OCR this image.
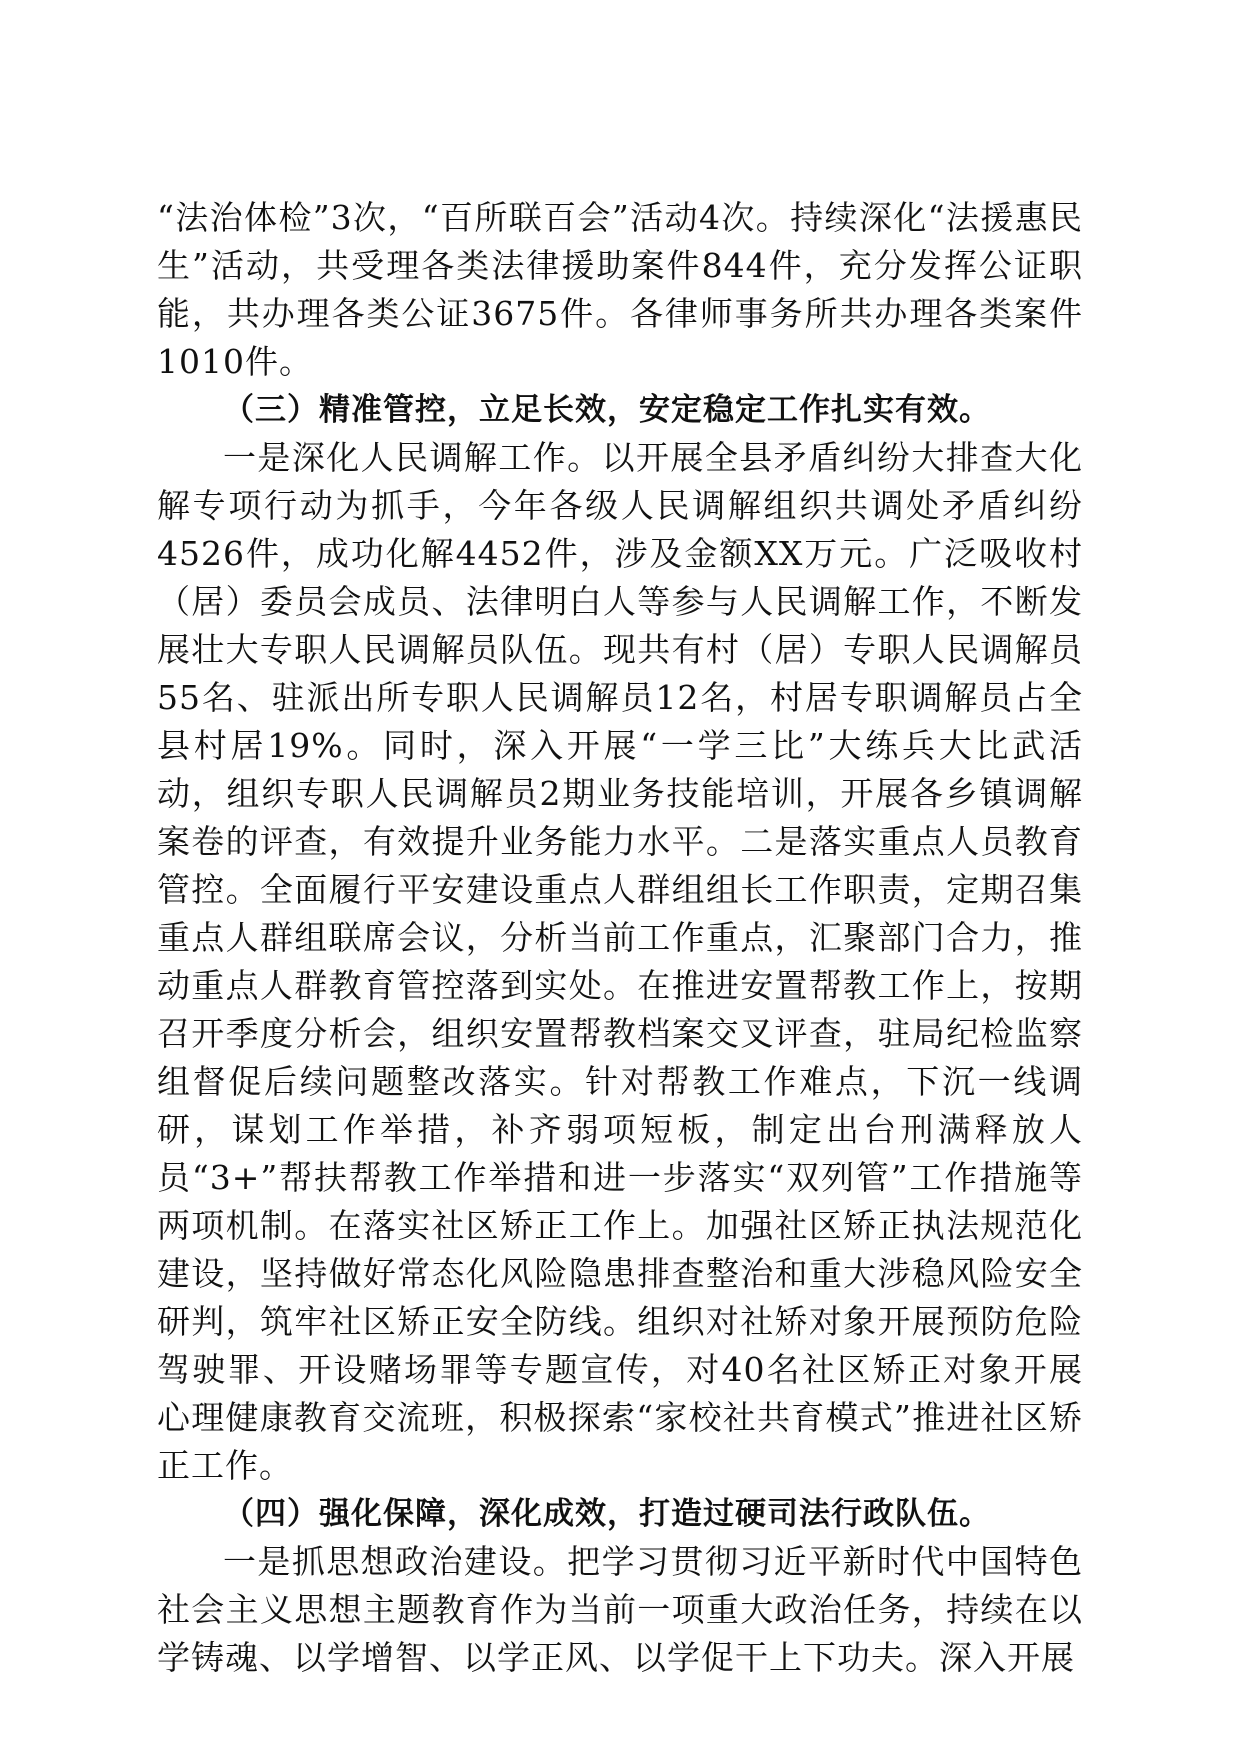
“法治体检”3次，“百所联百会”活动4次。持续深化“法援惠民生”活动，共受理各类法律援助案件844件，充分发挥公证职能，共办理各类公证3675件。各律师事务所共办理各类案件1010件。

（三）精准管控，立足长效，安定稳定工作扎实有效。

一是深化人民调解工作。以开展全县矛盾纠纷大排查大化解专项行动为抓手，今年各级人民调解组织共调处矛盾纠纷4526件，成功化解4452件，涉及金额XX万元。广泛吸收村（居）委员会成员、法律明白人等参与人民调解工作，不断发展壮大专职人民调解员队伍。现共有村（居）专职人民调解员55名、驻派出所专职人民调解员12名，村居专职调解员占全县村居19%。同时，深入开展“一学三比”大练兵大比武活动，组织专职人民调解员2期业务技能培训，开展各乡镇调解案卷的评查，有效提升业务能力水平。二是落实重点人员教育管控。全面履行平安建设重点人群组组长工作职责，定期召集重点人群组联席会议，分析当前工作重点，汇聚部门合力，推动重点人群教育管控落到实处。在推进安置帮教工作上，按期召开季度分析会，组织安置帮教档案交叉评查，驻局纪检监察组督促后续问题整改落实。针对帮教工作难点，下沉一线调研，谋划工作举措，补齐弱项短板，制定出台刑满释放人员“3+”帮扶帮教工作举措和进一步落实“双列管”工作措施等两项机制。在落实社区矫正工作上。加强社区矫正执法规范化建设，坚持做好常态化风险隐患排查整治和重大涉稳风险安全研判，筑牢社区矫正安全防线。组织对社矫对象开展预防危险驾驶罪、开设赌场罪等专题宣传，对40名社区矫正对象开展心理健康教育交流班，积极探索“家校社共育模式”推进社区矫正工作。

（四）强化保障，深化成效，打造过硬司法行政队伍。

一是抓思想政治建设。把学习贯彻习近平新时代中国特色社会主义思想主题教育作为当前一项重大政治任务，持续在以学铸魂、以学增智、以学正风、以学促干上下功夫。深入开展
